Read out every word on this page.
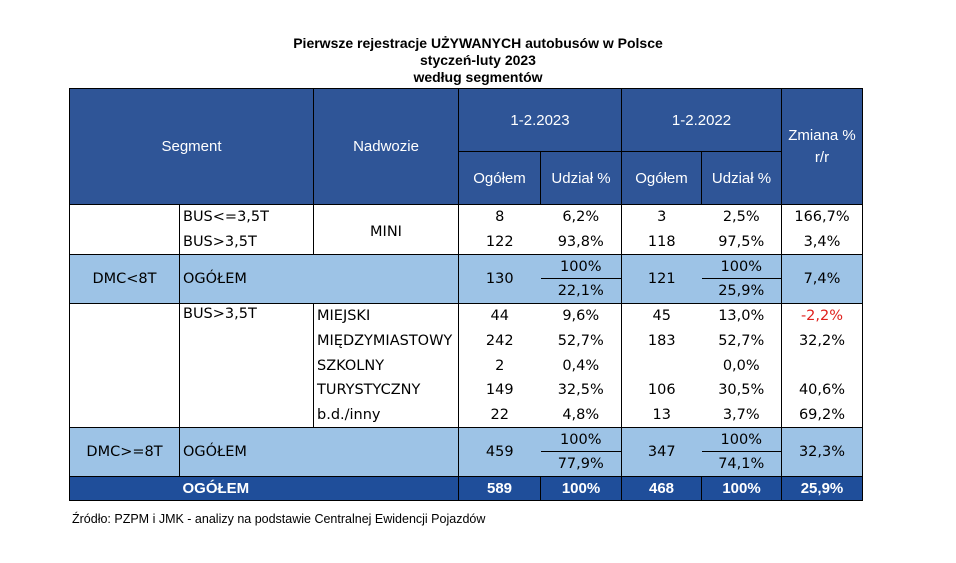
Pierwsze rejestracje UŻYWANYCH autobusów w Polsce
styczeń-luty 2023
według segmentów
Segment		Nadwozie	1-2.2023		1-2.2022		Zmiana % r/r
			Ogółem	Udział %	Ogółem	Udział %	
	BUS<=3,5T	MINI	8	6,2%	3	2,5%	166,7%
	BUS>3,5T		122	93,8%	118	97,5%	3,4%
DMC<8T	OGÓŁEM		130	100%	121	100%	7,4%
				22,1%		25,9%	
	BUS>3,5T	MIEJSKI	44	9,6%	45	13,0%	-2,2%
		MIĘDZYMIASTOWY	242	52,7%	183	52,7%	32,2%
		SZKOLNY	2	0,4%		0,0%	
		TURYSTYCZNY	149	32,5%	106	30,5%	40,6%
		b.d./inny	22	4,8%	13	3,7%	69,2%
DMC>=8T	OGÓŁEM		459	100%	347	100%	32,3%
				77,9%		74,1%	
	OGÓŁEM		589	100%	468	100%	25,9%
Źródło: PZPM i JMK - analizy na podstawie Centralnej Ewidencji Pojazdów
